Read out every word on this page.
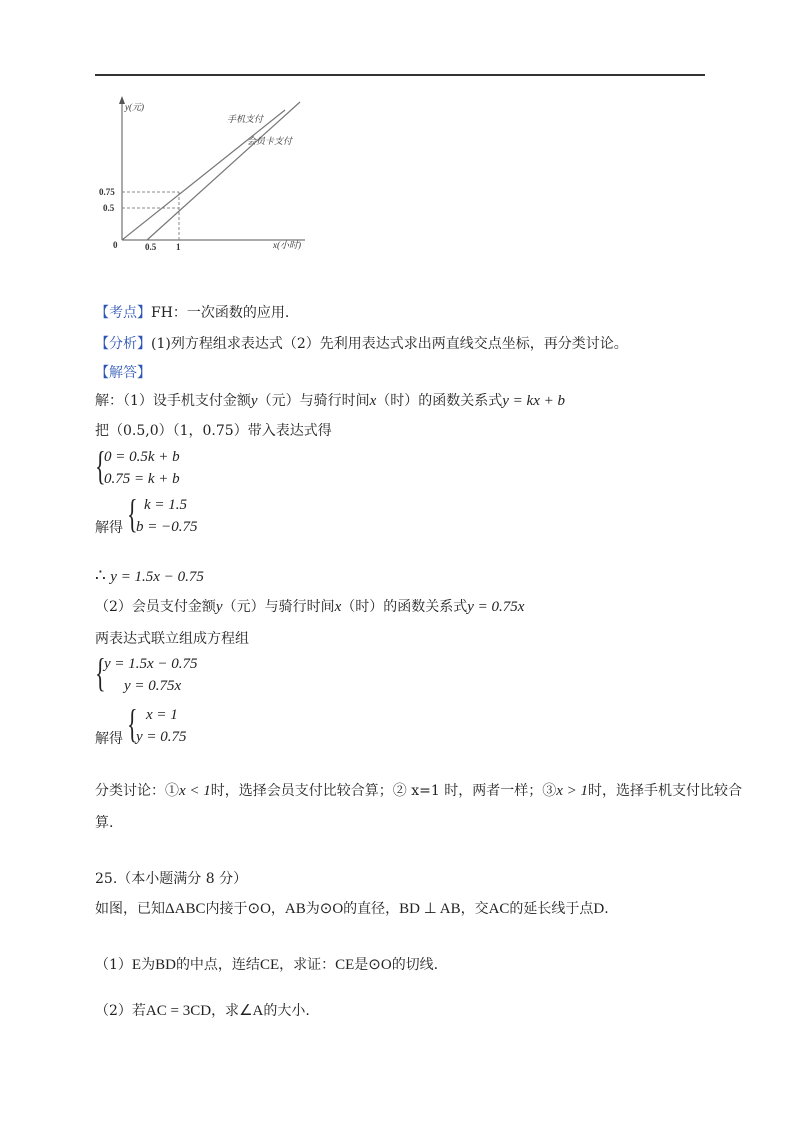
y(元)
x(小时)
手机支付
会员卡支付
0.75
0.5
0	0.5 1
【考点】FH：一次函数的应用.
【分析】(1)列方程组求表达式（2）先利用表达式求出两直线交点坐标，再分类讨论。
【解答】
解：（1）设手机支付金额y（元）与骑行时间x（时）的函数关系式y = kx + b
把（0.5,0）（1，0.75）带入表达式得
{
0 = 0.5k + b
0.75 = k + b
解得 { k = 1.5
b = −0.75
∴ y = 1.5x − 0.75
（2）会员支付金额y（元）与骑行时间x（时）的函数关系式y = 0.75x
两表达式联立组成方程组
{
y = 1.5x − 0.75
y = 0.75x
解得 { x = 1
y = 0.75
分类讨论：①x < 1时，选择会员支付比较合算；② x=1 时，两者一样；③x > 1时，选择手机支付比较合
算.
25.（本小题满分 8 分）
如图，已知ΔABC内接于⊙O，AB为⊙O的直径，BD ⊥ AB，交AC的延长线于点D.
（1）E为BD的中点，连结CE，求证：CE是⊙O的切线.
（2）若AC = 3CD，求∠A的大小.
